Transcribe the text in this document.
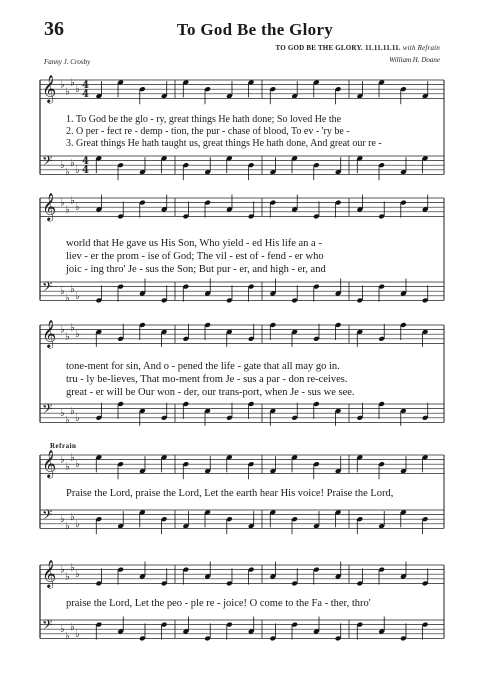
36	To God Be the Glory
TO GOD BE THE GLORY. 11.11.11.11. with Refrain
Fanny J. Crosby	William H. Doane
𝄞 ♭
♭
♭
♭
𝄢 ♭
♭
♭
♭
𝄞 ♭
♭
♭
♭
𝄢 ♭
♭
♭
♭
𝄞 ♭
♭
♭
♭
𝄢 ♭
♭
♭
♭
𝄞 ♭
♭
♭
♭
𝄢 ♭
♭
♭
♭
𝄞 ♭
♭
♭
♭
𝄢 ♭
♭
♭
♭
4
4
4
4
1. To God be the glo - ry, great things He hath done; So loved He the
2. O per - fect re - demp - tion, the pur - chase of blood, To ev - 'ry be -
3. Great things He hath taught us, great things He hath done, And great our re -
world that He gave us His Son, Who yield - ed His life an a -
liev - er the prom - ise of God; The vil - est of - fend - er who
joic - ing thro' Je - sus the Son; But pur - er, and high - er, and
tone-ment for sin, And o - pened the life - gate that all may go in.
tru - ly be-lieves, That mo-ment from Je - sus a par - don re-ceives.
great - er will be Our won - der, our trans-port, when Je - sus we see.
Refrain
Praise the Lord, praise the Lord, Let the earth hear His voice! Praise the Lord,
praise the Lord, Let the peo - ple re - joice! O come to the Fa - ther, thro'
